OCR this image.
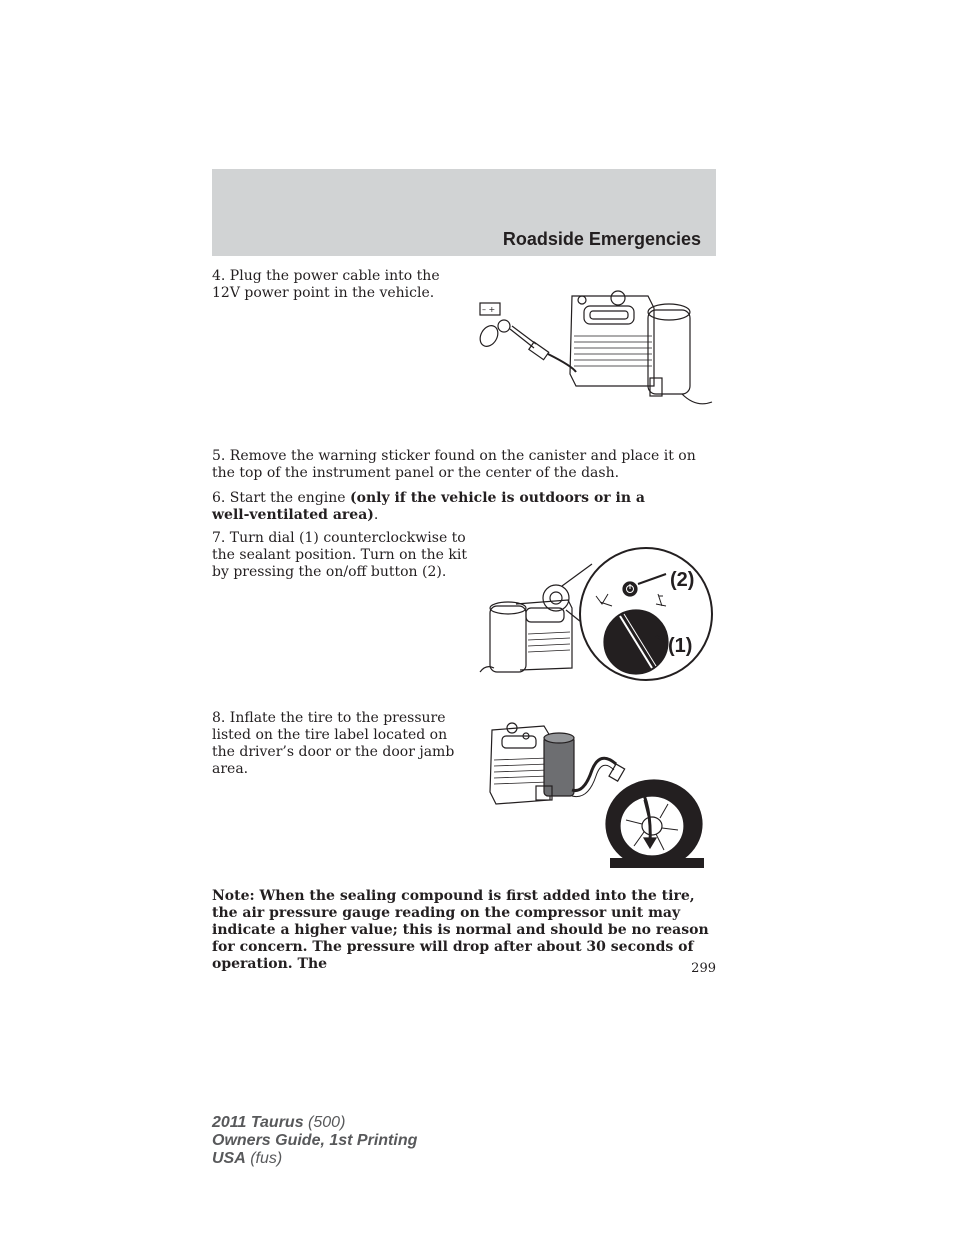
Roadside Emergencies

4. Plug the power cable into the 12V power point in the vehicle.

– +

5. Remove the warning sticker found on the canister and place it on the top of the instrument panel or the center of the dash.

6. Start the engine (only if the vehicle is outdoors or in a well-ventilated area).

7. Turn dial (1) counterclockwise to the sealant position. Turn on the kit by pressing the on/off button (2).	(2)
(1)

8. Inflate the tire to the pressure listed on the tire label located on the driver’s door or the door jamb area.

Note: When the sealing compound is first added into the tire, the air pressure gauge reading on the compressor unit may indicate a higher value; this is normal and should be no reason for concern. The pressure will drop after about 30 seconds of operation. The	299
2011 Taurus (500)
Owners Guide, 1st Printing
USA (fus)
